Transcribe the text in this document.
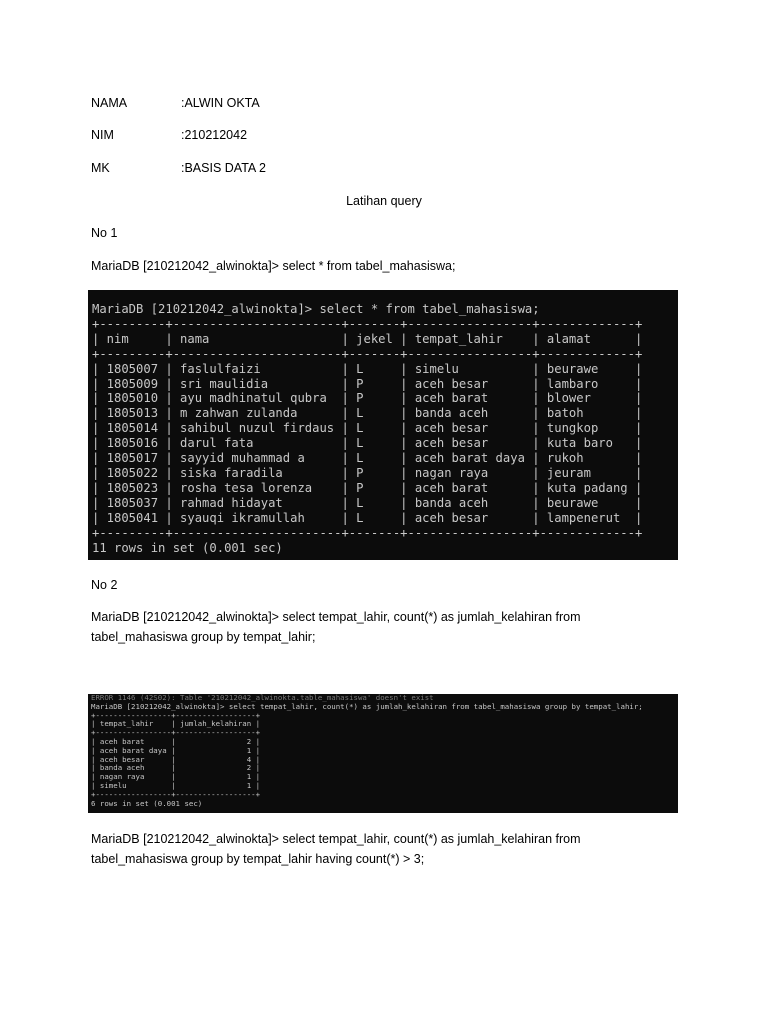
NAMA	:ALWIN OKTA
NIM	:210212042
MK	:BASIS DATA 2
Latihan query
No 1
MariaDB [210212042_alwinokta]> select * from tabel_mahasiswa;
MariaDB [210212042_alwinokta]> select * from tabel_mahasiswa;
+---------+-----------------------+-------+-----------------+-------------+
| nim     | nama                  | jekel | tempat_lahir    | alamat      |
+---------+-----------------------+-------+-----------------+-------------+
| 1805007 | faslulfaizi           | L     | simelu          | beurawe     |
| 1805009 | sri maulidia          | P     | aceh besar      | lambaro     |
| 1805010 | ayu madhinatul qubra  | P     | aceh barat      | blower      |
| 1805013 | m zahwan zulanda      | L     | banda aceh      | batoh       |
| 1805014 | sahibul nuzul firdaus | L     | aceh besar      | tungkop     |
| 1805016 | darul fata            | L     | aceh besar      | kuta baro   |
| 1805017 | sayyid muhammad a     | L     | aceh barat daya | rukoh       |
| 1805022 | siska faradila        | P     | nagan raya      | jeuram      |
| 1805023 | rosha tesa lorenza    | P     | aceh barat      | kuta padang |
| 1805037 | rahmad hidayat        | L     | banda aceh      | beurawe     |
| 1805041 | syauqi ikramullah     | L     | aceh besar      | lampenerut  |
+---------+-----------------------+-------+-----------------+-------------+
11 rows in set (0.001 sec)
No 2
MariaDB [210212042_alwinokta]> select tempat_lahir, count(*) as jumlah_kelahiran from tabel_mahasiswa group by tempat_lahir;
ERROR 1146 (42S02): Table '210212042_alwinokta.table_mahasiswa' doesn't exist
MariaDB [210212042_alwinokta]> select tempat_lahir, count(*) as jumlah_kelahiran from tabel_mahasiswa group by tempat_lahir;
+-----------------+------------------+
| tempat_lahir    | jumlah_kelahiran |
+-----------------+------------------+
| aceh barat      |                2 |
| aceh barat daya |                1 |
| aceh besar      |                4 |
| banda aceh      |                2 |
| nagan raya      |                1 |
| simelu          |                1 |
+-----------------+------------------+
6 rows in set (0.001 sec)
MariaDB [210212042_alwinokta]> select tempat_lahir, count(*) as jumlah_kelahiran from tabel_mahasiswa group by tempat_lahir having count(*) > 3;
